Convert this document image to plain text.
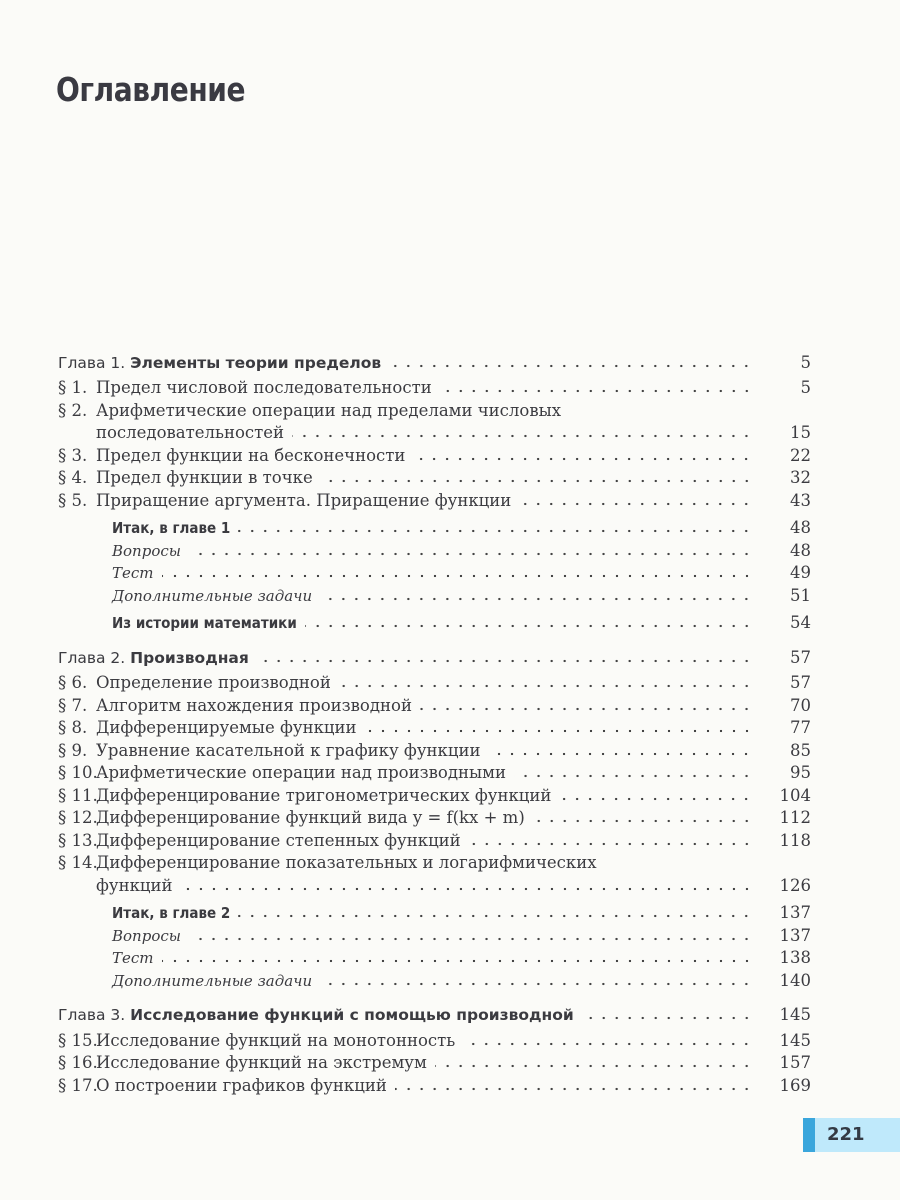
Оглавление
Глава 1. Элементы теории пределов	5
§ 1. Предел числовой последовательности	5
§ 2. Арифметические операции над пределами числовых
последовательностей	15
§ 3. Предел функции на бесконечности	22
§ 4. Предел функции в точке	32
§ 5. Приращение аргумента. Приращение функции	43
Итак, в главе 1	48
Вопросы	48
Тест	49
Дополнительные задачи	51
Из истории математики	54
Глава 2. Производная	57
§ 6. Определение производной	57
§ 7. Алгоритм нахождения производной	70
§ 8. Дифференцируемые функции	77
§ 9. Уравнение касательной к графику функции	85
§ 10.Арифметические операции над производными	95
§ 11.Дифференцирование тригонометрических функций	104
§ 12.Дифференцирование функций вида y = f(kx + m)	112
§ 13.Дифференцирование степенных функций	118
§ 14.Дифференцирование показательных и логарифмических
функций	126
Итак, в главе 2	137
Вопросы	137
Тест	138
Дополнительные задачи	140
Глава 3. Исследование функций с помощью производной	145
§ 15.Исследование функций на монотонность	145
§ 16.Исследование функций на экстремум	157
§ 17.О построении графиков функций	169
221
